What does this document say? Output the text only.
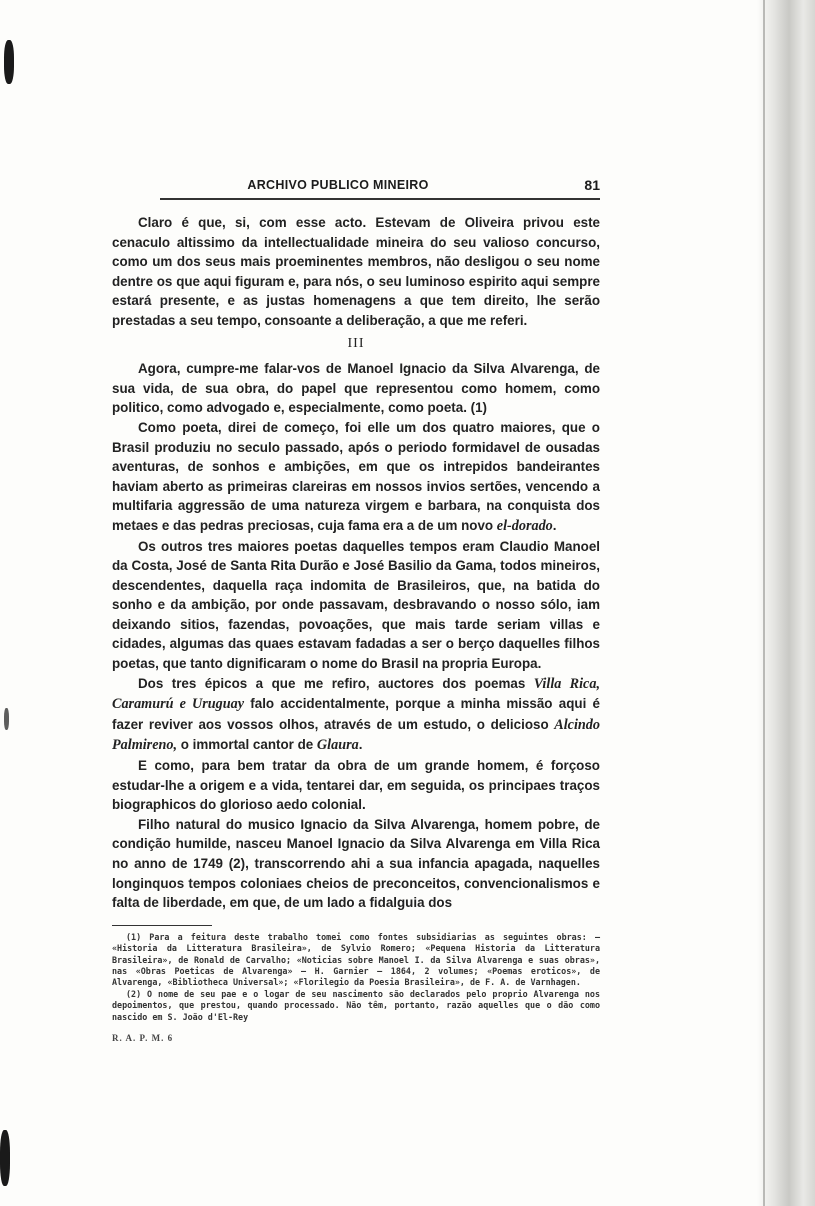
ARCHIVO PUBLICO MINEIRO	81

Claro é que, si, com esse acto. Estevam de Oliveira privou este cenaculo altissimo da intellectualidade mineira do seu valioso concurso, como um dos seus mais proeminentes membros, não desligou o seu nome dentre os que aqui figuram e, para nós, o seu luminoso espirito aqui sempre estará presente, e as justas homenagens a que tem direito, lhe serão prestadas a seu tempo, consoante a deliberação, a que me referi.

III

Agora, cumpre-me falar-vos de Manoel Ignacio da Silva Alvarenga, de sua vida, de sua obra, do papel que representou como homem, como politico, como advogado e, especialmente, como poeta. (1)

Como poeta, direi de começo, foi elle um dos quatro maiores, que o Brasil produziu no seculo passado, após o periodo formidavel de ousadas aventuras, de sonhos e ambições, em que os intrepidos bandeirantes haviam aberto as primeiras clareiras em nossos invios sertões, vencendo a multifaria aggressão de uma natureza virgem e barbara, na conquista dos metaes e das pedras preciosas, cuja fama era a de um novo el-dorado.

Os outros tres maiores poetas daquelles tempos eram Claudio Manoel da Costa, José de Santa Rita Durão e José Basilio da Gama, todos mineiros, descendentes, daquella raça indomita de Brasileiros, que, na batida do sonho e da ambição, por onde passavam, desbravando o nosso sólo, iam deixando sitios, fazendas, povoações, que mais tarde seriam villas e cidades, algumas das quaes estavam fadadas a ser o berço daquelles filhos poetas, que tanto dignificaram o nome do Brasil na propria Europa.

Dos tres épicos a que me refiro, auctores dos poemas Villa Rica, Caramurú e Uruguay falo accidentalmente, porque a minha missão aqui é fazer reviver aos vossos olhos, através de um estudo, o delicioso Alcindo Palmireno, o immortal cantor de Glaura.

E como, para bem tratar da obra de um grande homem, é forçoso estudar-lhe a origem e a vida, tentarei dar, em seguida, os principaes traços biographicos do glorioso aedo colonial.

Filho natural do musico Ignacio da Silva Alvarenga, homem pobre, de condição humilde, nasceu Manoel Ignacio da Silva Alvarenga em Villa Rica no anno de 1749 (2), transcorrendo ahi a sua infancia apagada, naquelles longinquos tempos coloniaes cheios de preconceitos, convencionalismos e falta de liberdade, em que, de um lado a fidalguia dos

(1) Para a feitura deste trabalho tomei como fontes subsidiarias as seguintes obras: — «Historia da Litteratura Brasileira», de Sylvio Romero; «Pequena Historia da Litteratura Brasileira», de Ronald de Carvalho; «Noticias sobre Manoel I. da Silva Alvarenga e suas obras», nas «Obras Poeticas de Alvarenga» — H. Garnier — 1864, 2 volumes; «Poemas eroticos», de Alvarenga, «Bibliotheca Universal»; «Florilegio da Poesia Brasileira», de F. A. de Varnhagen.

(2) O nome de seu pae e o logar de seu nascimento são declarados pelo proprio Alvarenga nos depoimentos, que prestou, quando processado. Não têm, portanto, razão aquelles que o dão como nascido em S. João d'El-Rey

R. A. P. M. 6
